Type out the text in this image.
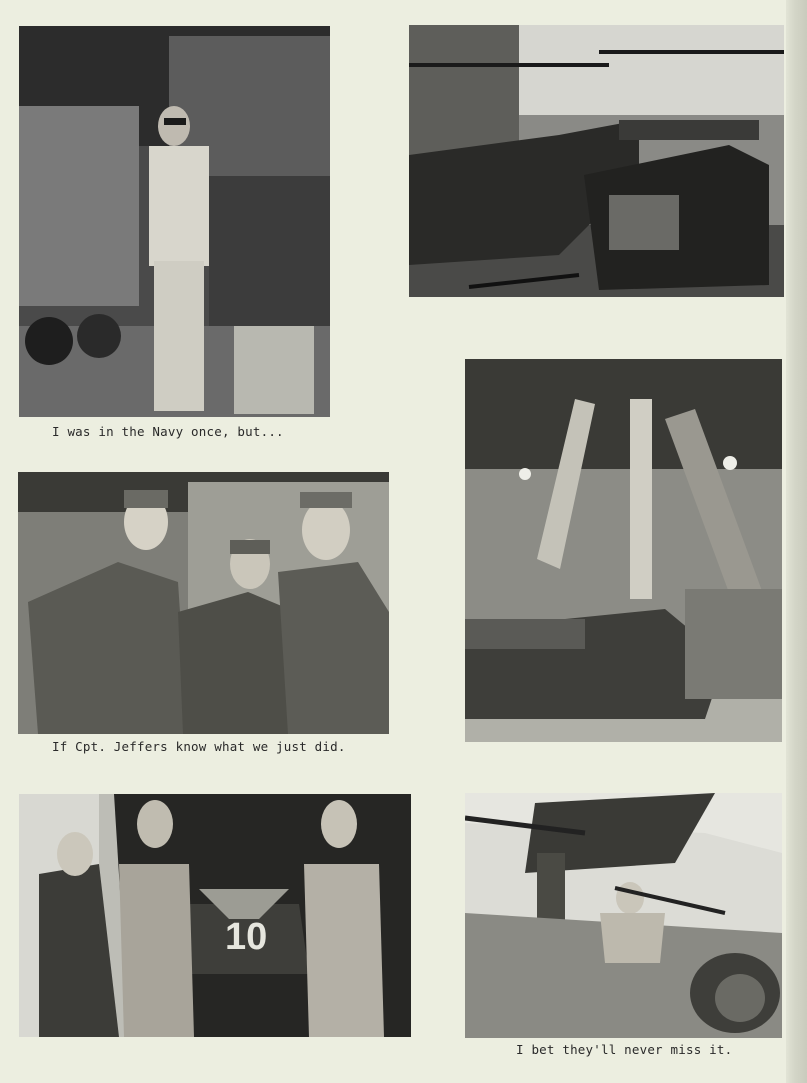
I was in the Navy once, but...

If Cpt. Jeffers know what we just did.

10

I bet they'll never miss it.
